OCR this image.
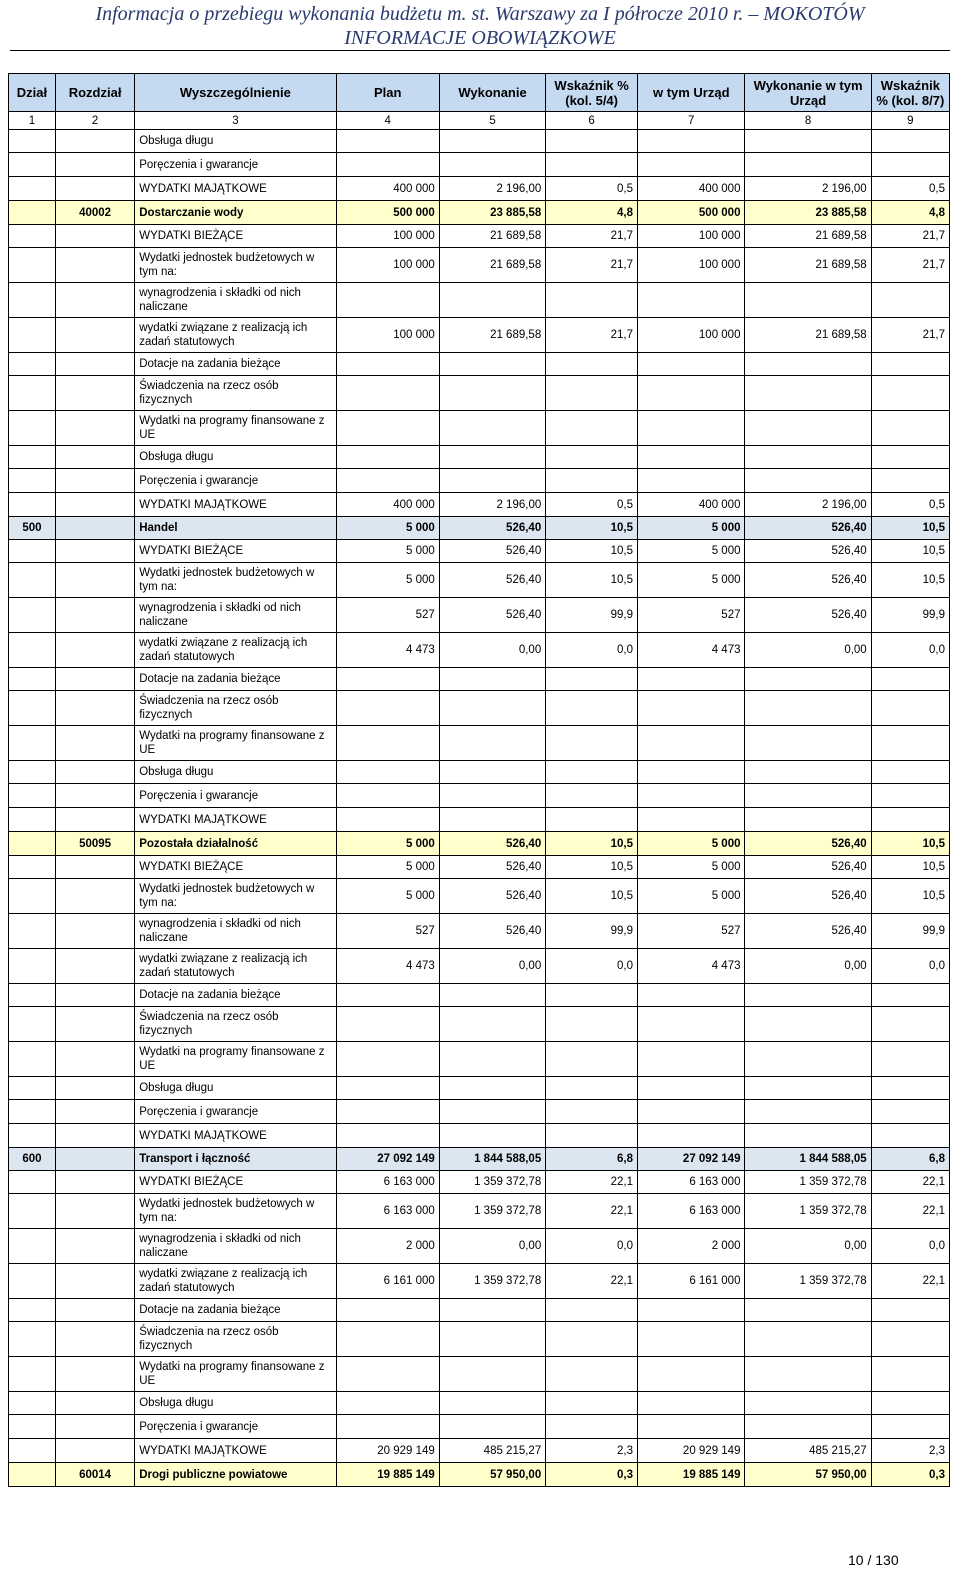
Informacja o przebiegu wykonania budżetu m. st. Warszawy za I półrocze 2010 r. – MOKOTÓW
INFORMACJE OBOWIĄZKOWE
Dział	Rozdział	Wyszczególnienie	Plan	Wykonanie	Wskaźnik % (kol. 5/4)	w tym Urząd	Wykonanie w tym Urząd	Wskaźnik % (kol. 8/7)
1	2	3	4	5	6	7	8	9
		Obsługa długu						
		Poręczenia i gwarancje						
		WYDATKI MAJĄTKOWE	400 000	2 196,00	0,5	400 000	2 196,00	0,5
	40002	Dostarczanie wody	500 000	23 885,58	4,8	500 000	23 885,58	4,8
		WYDATKI BIEŻĄCE	100 000	21 689,58	21,7	100 000	21 689,58	21,7
		Wydatki jednostek budżetowych w tym na:	100 000	21 689,58	21,7	100 000	21 689,58	21,7
		wynagrodzenia i składki od nich naliczane						
		wydatki związane z realizacją ich zadań statutowych	100 000	21 689,58	21,7	100 000	21 689,58	21,7
		Dotacje na zadania bieżące						
		Świadczenia na rzecz osób fizycznych						
		Wydatki na programy finansowane z UE						
		Obsługa długu						
		Poręczenia i gwarancje						
		WYDATKI MAJĄTKOWE	400 000	2 196,00	0,5	400 000	2 196,00	0,5
500		Handel	5 000	526,40	10,5	5 000	526,40	10,5
		WYDATKI BIEŻĄCE	5 000	526,40	10,5	5 000	526,40	10,5
		Wydatki jednostek budżetowych w tym na:	5 000	526,40	10,5	5 000	526,40	10,5
		wynagrodzenia i składki od nich naliczane	527	526,40	99,9	527	526,40	99,9
		wydatki związane z realizacją ich zadań statutowych	4 473	0,00	0,0	4 473	0,00	0,0
		Dotacje na zadania bieżące						
		Świadczenia na rzecz osób fizycznych						
		Wydatki na programy finansowane z UE						
		Obsługa długu						
		Poręczenia i gwarancje						
		WYDATKI MAJĄTKOWE						
	50095	Pozostała działalność	5 000	526,40	10,5	5 000	526,40	10,5
		WYDATKI BIEŻĄCE	5 000	526,40	10,5	5 000	526,40	10,5
		Wydatki jednostek budżetowych w tym na:	5 000	526,40	10,5	5 000	526,40	10,5
		wynagrodzenia i składki od nich naliczane	527	526,40	99,9	527	526,40	99,9
		wydatki związane z realizacją ich zadań statutowych	4 473	0,00	0,0	4 473	0,00	0,0
		Dotacje na zadania bieżące						
		Świadczenia na rzecz osób fizycznych						
		Wydatki na programy finansowane z UE						
		Obsługa długu						
		Poręczenia i gwarancje						
		WYDATKI MAJĄTKOWE						
600		Transport i łączność	27 092 149	1 844 588,05	6,8	27 092 149	1 844 588,05	6,8
		WYDATKI BIEŻĄCE	6 163 000	1 359 372,78	22,1	6 163 000	1 359 372,78	22,1
		Wydatki jednostek budżetowych w tym na:	6 163 000	1 359 372,78	22,1	6 163 000	1 359 372,78	22,1
		wynagrodzenia i składki od nich naliczane	2 000	0,00	0,0	2 000	0,00	0,0
		wydatki związane z realizacją ich zadań statutowych	6 161 000	1 359 372,78	22,1	6 161 000	1 359 372,78	22,1
		Dotacje na zadania bieżące						
		Świadczenia na rzecz osób fizycznych						
		Wydatki na programy finansowane z UE						
		Obsługa długu						
		Poręczenia i gwarancje						
		WYDATKI MAJĄTKOWE	20 929 149	485 215,27	2,3	20 929 149	485 215,27	2,3
	60014	Drogi publiczne powiatowe	19 885 149	57 950,00	0,3	19 885 149	57 950,00	0,3
10 / 130
